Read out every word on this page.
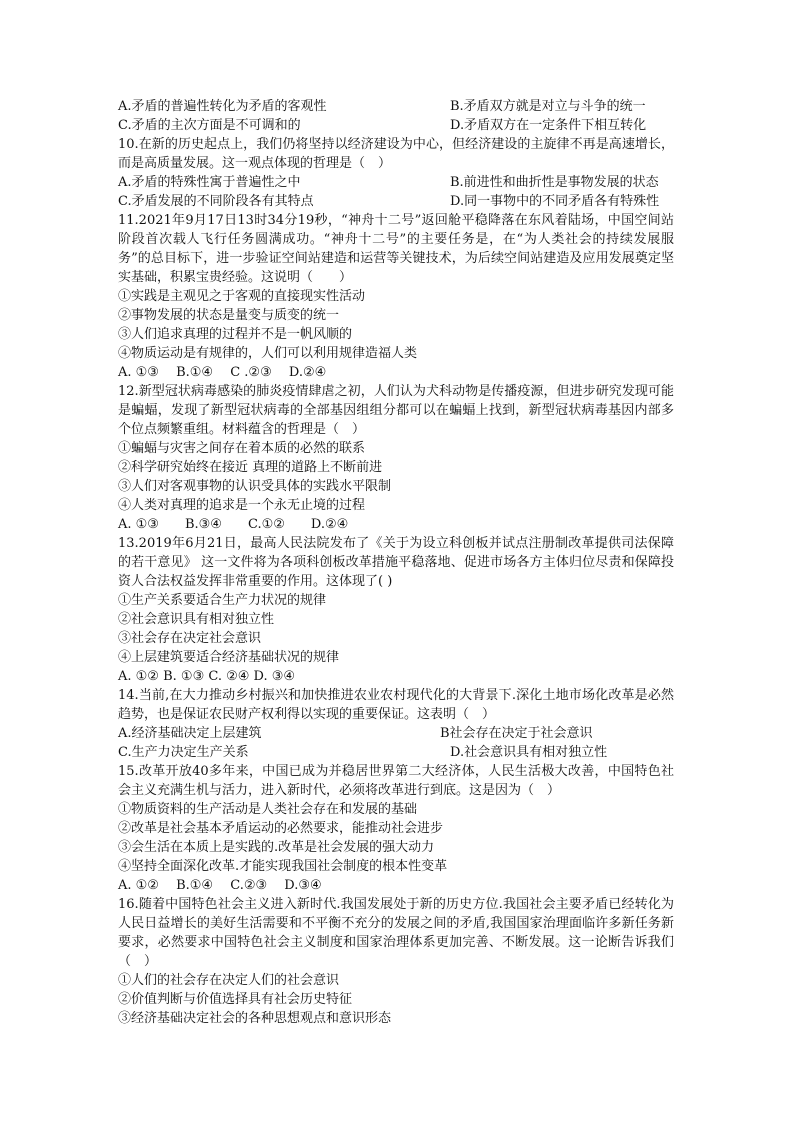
A.矛盾的普遍性转化为矛盾的客观性	B.矛盾双方就是对立与斗争的统一
C.矛盾的主次方面是不可调和的	D.矛盾双方在一定条件下相互转化
10.在新的历史起点上，我们仍将坚持以经济建设为中心，但经济建设的主旋律不再是高速增长，而是高质量发展。这一观点体现的哲理是（　）
A.矛盾的特殊性寓于普遍性之中	B.前进性和曲折性是事物发展的状态
C.矛盾发展的不同阶段各有其特点	D.同一事物中的不同矛盾各有特殊性
11.2021年9月17日13时34分19秒，“神舟十二号”返回舱平稳降落在东风着陆场，中国空间站阶段首次载人飞行任务圆满成功。“神舟十二号”的主要任务是，在“为人类社会的持续发展服务”的总目标下，进一步验证空间站建造和运营等关键技术，为后续空间站建造及应用发展奠定坚实基础，积累宝贵经验。这说明（　　）
①实践是主观见之于客观的直接现实性活动
②事物发展的状态是量变与质变的统一
③人们追求真理的过程并不是一帆风顺的
④物质运动是有规律的，人们可以利用规律造福人类
A. ①③　 B.①④　 C .②③　 D.②④
12.新型冠状病毒感染的肺炎疫情肆虐之初，人们认为犬科动物是传播疫源，但进步研究发现可能是蝙蝠，发现了新型冠状病毒的全部基因组组分都可以在蝙蝠上找到，新型冠状病毒基因内部多个位点频繁重组。材料蕴含的哲理是（　）
①蝙蝠与灾害之间存在着本质的必然的联系
②科学研究始终在接近 真理的道路上不断前进
③人们对客观事物的认识受具体的实践水平限制
④人类对真理的追求是一个永无止境的过程
A. ①③　　B.③④　　C.①②　　D.②④
13.2019年6月21日，最高人民法院发布了《关于为设立科创板并试点注册制改革提供司法保障的若干意见》 这一文件将为各项科创板改革措施平稳落地、促进市场各方主体归位尽责和保障投资人合法权益发挥非常重要的作用。这体现了( )
①生产关系要适合生产力状况的规律
②社会意识具有相对独立性
③社会存在决定社会意识
④上层建筑要适合经济基础状况的规律
A. ①② B. ①③ C. ②④ D. ③④
14.当前,在大力推动乡村振兴和加快推进农业农村现代化的大背景下.深化土地市场化改革是必然趋势，也是保证农民财产权利得以实现的重要保证。这表明（　）
A.经济基础决定上层建筑	B社会存在决定于社会意识
C.生产力决定生产关系	D.社会意识具有相对独立性
15.改革开放40多年来，中国已成为并稳居世界第二大经济体，人民生活极大改善，中国特色社会主义充满生机与活力，进入新时代，必须将改革进行到底。这是因为（　）
①物质资料的生产活动是人类社会存在和发展的基础
②改革是社会基本矛盾运动的必然要求，能推动社会进步
③会生活在本质上是实践的.改革是社会发展的强大动力
④坚持全面深化改革.才能实现我国社会制度的根本性变革
A. ①②　 B.①④　 C.②③　 D.③④
16.随着中国特色社会主义进入新时代.我国发展处于新的历史方位.我国社会主要矛盾已经转化为人民日益增长的美好生活需要和不平衡不充分的发展之间的矛盾,我国国家治理面临许多新任务新要求，必然要求中国特色社会主义制度和国家治理体系更加完善、不断发展。这一论断告诉我们（　）
①人们的社会存在决定人们的社会意识
②价值判断与价值选择具有社会历史特征
③经济基础决定社会的各种思想观点和意识形态
